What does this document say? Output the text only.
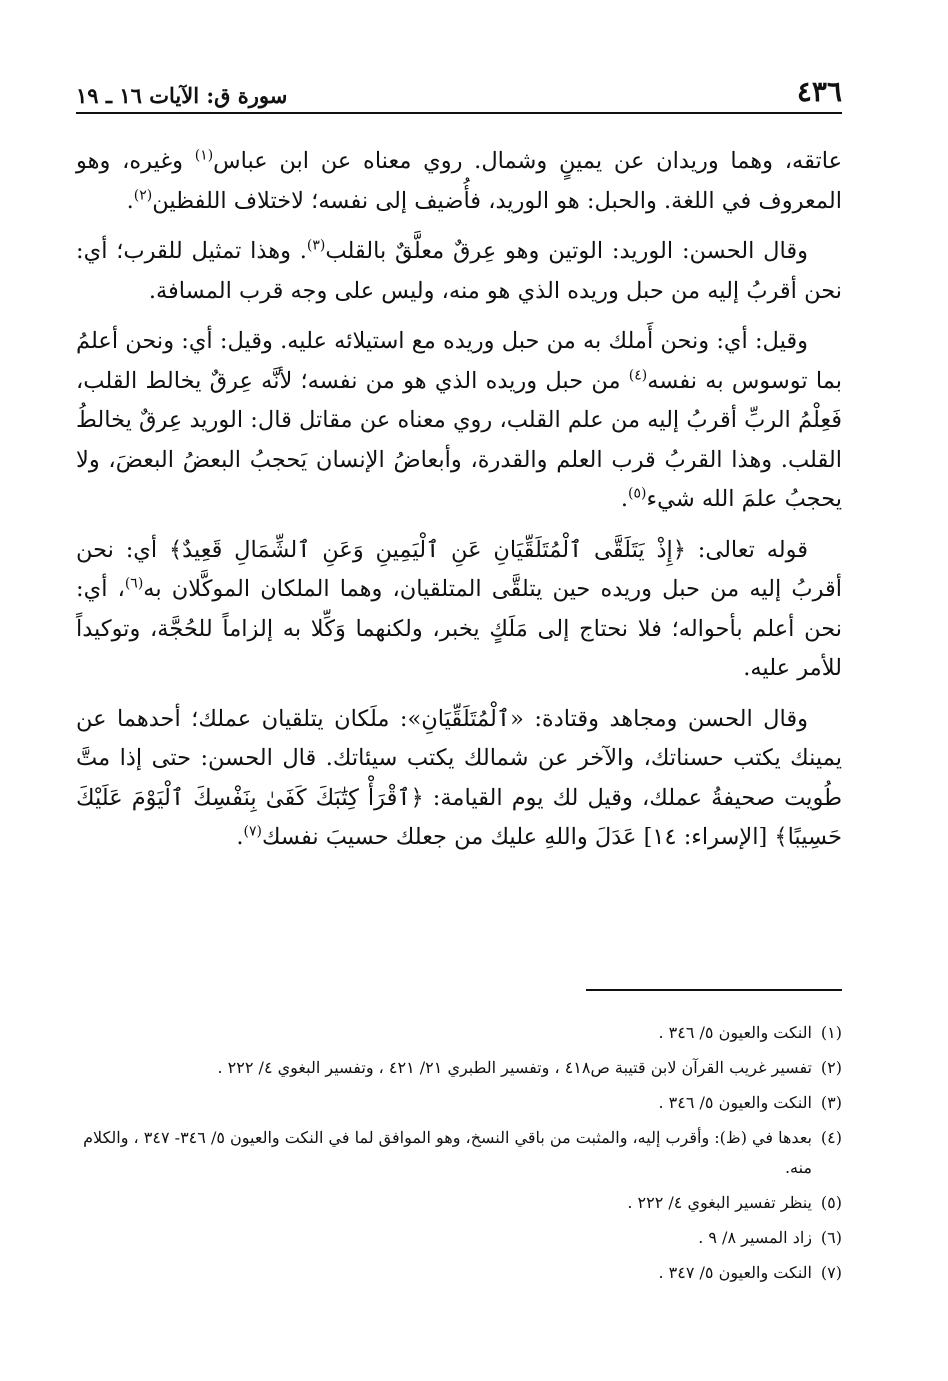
٤٣٦
سورة ق: الآيات ١٦ ـ ١٩

عاتقه، وهما وريدان عن يمينٍ وشمال. روي معناه عن ابن عباس$^{(١)}$ وغيره، وهو المعروف في اللغة. والحبل: هو الوريد، فأُضيف إلى نفسه؛ لاختلاف اللفظين$^{(٢)}$.

وقال الحسن: الوريد: الوتين وهو عِرقٌ معلَّقٌ بالقلب$^{(٣)}$. وهذا تمثيل للقرب؛ أي: نحن أقربُ إليه من حبل وريده الذي هو منه، وليس على وجه قرب المسافة.

وقيل: أي: ونحن أَملك به من حبل وريده مع استيلائه عليه. وقيل: أي: ونحن أعلمُ بما توسوس به نفسه$^{(٤)}$ من حبل وريده الذي هو من نفسه؛ لأنَّه عِرقٌ يخالط القلب، فَعِلْمُ الربِّ أقربُ إليه من علم القلب، روي معناه عن مقاتل قال: الوريد عِرقٌ يخالطُ القلب. وهذا القربُ قرب العلم والقدرة، وأبعاضُ الإنسان يَحجبُ البعضُ البعضَ، ولا يحجبُ علمَ الله شيء$^{(٥)}$.

قوله تعالى: ﴿إِذْ يَتَلَقَّى ٱلْمُتَلَقِّيَانِ عَنِ ٱلْيَمِينِ وَعَنِ ٱلشِّمَالِ قَعِيدٌ﴾ أي: نحن أقربُ إليه من حبل وريده حين يتلقَّى المتلقيان، وهما الملكان الموكَّلان به$^{(٦)}$، أي: نحن أعلم بأحواله؛ فلا نحتاج إلى مَلَكٍ يخبر، ولكنهما وَكِّلا به إلزاماً للحُجَّة، وتوكيداً للأمر عليه.

وقال الحسن ومجاهد وقتادة: «ٱلْمُتَلَقِّيَانِ»: ملَكان يتلقيان عملك؛ أحدهما عن يمينك يكتب حسناتك، والآخر عن شمالك يكتب سيئاتك. قال الحسن: حتى إذا متَّ طُويت صحيفةُ عملك، وقيل لك يوم القيامة: ﴿ٱقْرَأْ كِتَٰبَكَ كَفَىٰ بِنَفْسِكَ ٱلْيَوْمَ عَلَيْكَ حَسِيبًا﴾ [الإسراء: ١٤] عَدَلَ واللهِ عليك من جعلك حسيبَ نفسك$^{(٧)}$.

(١)
النكت والعيون ٥/ ٣٤٦ .
(٢)
تفسير غريب القرآن لابن قتيبة ص٤١٨ ، وتفسير الطبري ٢١/ ٤٢١ ، وتفسير البغوي ٤/ ٢٢٢ .
(٣)
النكت والعيون ٥/ ٣٤٦ .
(٤)
بعدها في (ظ): وأقرب إليه، والمثبت من باقي النسخ، وهو الموافق لما في النكت والعيون ٥/ ٣٤٦- ٣٤٧ ، والكلام منه.
(٥)
ينظر تفسير البغوي ٤/ ٢٢٢ .
(٦)
زاد المسير ٨/ ٩ .
(٧)
النكت والعيون ٥/ ٣٤٧ .
